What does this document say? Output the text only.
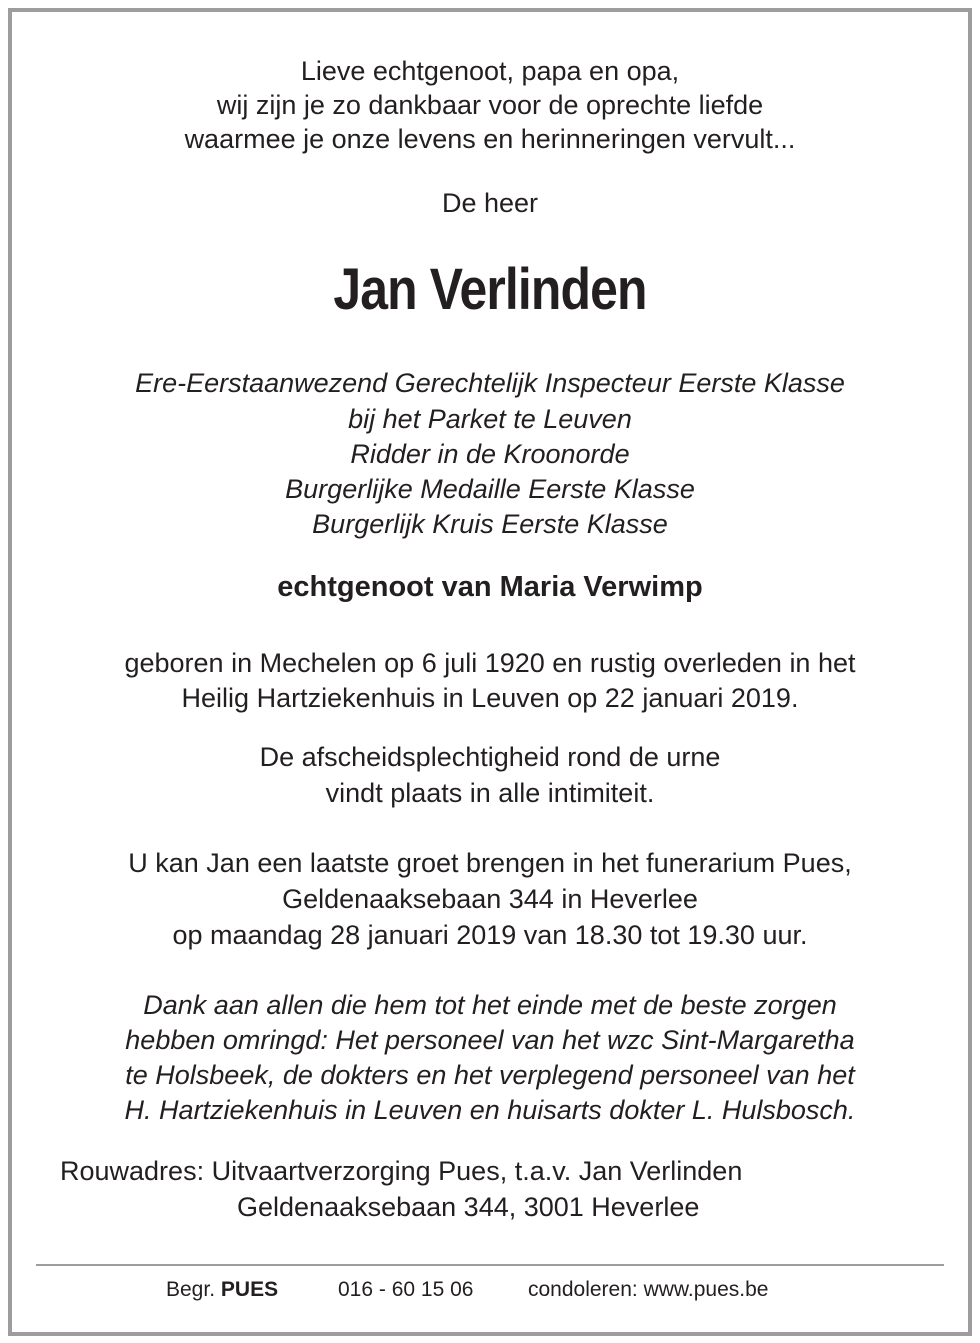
Lieve echtgenoot, papa en opa,
wij zijn je zo dankbaar voor de oprechte liefde
waarmee je onze levens en herinneringen vervult...
De heer
Jan Verlinden
Ere-Eerstaanwezend Gerechtelijk Inspecteur Eerste Klasse
bij het Parket te Leuven
Ridder in de Kroonorde
Burgerlijke Medaille Eerste Klasse
Burgerlijk Kruis Eerste Klasse
echtgenoot van Maria Verwimp
geboren in Mechelen op 6 juli 1920 en rustig overleden in het
Heilig Hartziekenhuis in Leuven op 22 januari 2019.
De afscheidsplechtigheid rond de urne
vindt plaats in alle intimiteit.
U kan Jan een laatste groet brengen in het funerarium Pues,
Geldenaaksebaan 344 in Heverlee
op maandag 28 januari 2019 van 18.30 tot 19.30 uur.
Dank aan allen die hem tot het einde met de beste zorgen
hebben omringd: Het personeel van het wzc Sint-Margaretha
te Holsbeek, de dokters en het verplegend personeel van het
H. Hartziekenhuis in Leuven en huisarts dokter L. Hulsbosch.
Rouwadres: Uitvaartverzorging Pues, t.a.v. Jan Verlinden
Geldenaaksebaan 344, 3001 Heverlee
Begr. PUES	016 - 60 15 06	condoleren: www.pues.be
